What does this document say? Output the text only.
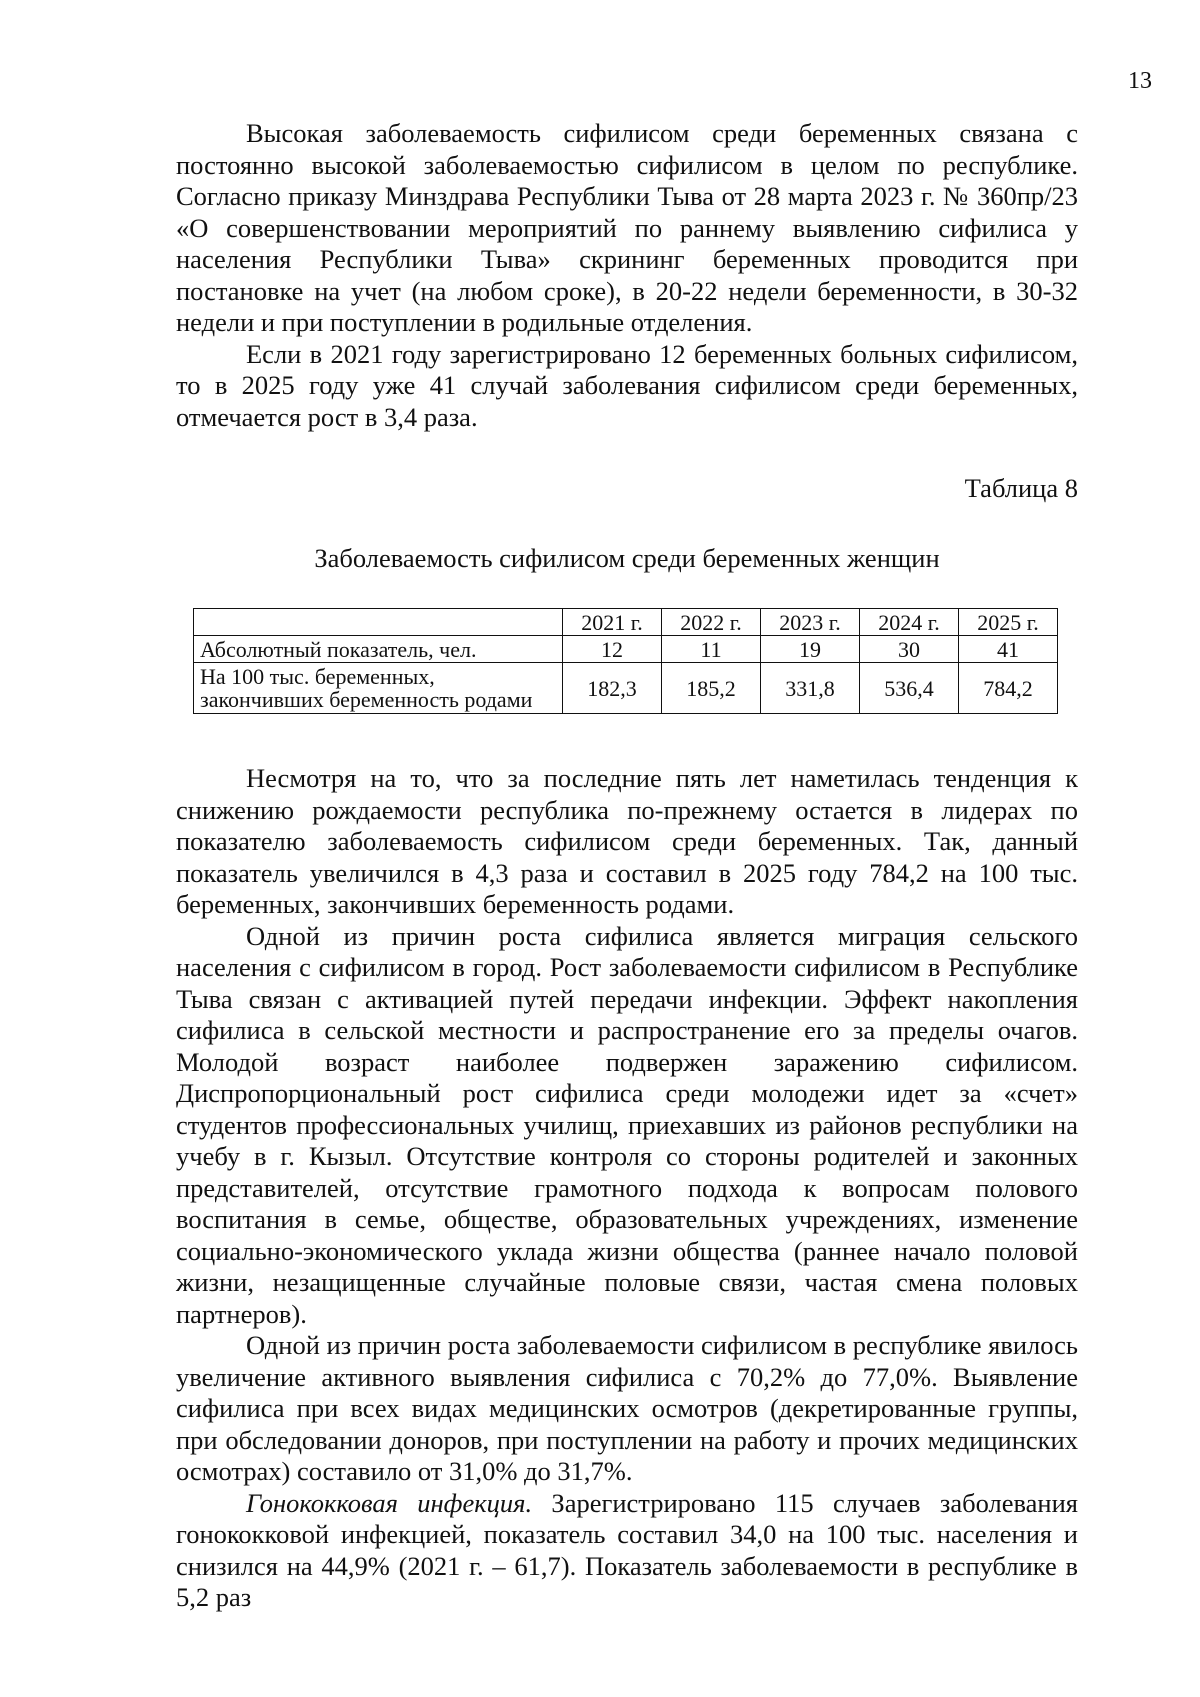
13

Высокая заболеваемость сифилисом среди беременных связана с постоянно высокой заболеваемостью сифилисом в целом по республике. Согласно приказу Минздрава Республики Тыва от 28 марта 2023 г. № 360пр/23 «О совершенствовании мероприятий по раннему выявлению сифилиса у населения Республики Тыва» скрининг беременных проводится при постановке на учет (на любом сроке), в 20-22 недели беременности, в 30-32 недели и при поступлении в родильные отделения.

Если в 2021 году зарегистрировано 12 беременных больных сифилисом, то в 2025 году уже 41 случай заболевания сифилисом среди беременных, отмечается рост в 3,4 раза.

Таблица 8
Заболеваемость сифилисом среди беременных женщин
	2021 г.	2022 г.	2023 г.	2024 г.	2025 г.
Абсолютный показатель, чел.	12	11	19	30	41
На 100 тыс. беременных, закончивших беременность родами	182,3	185,2	331,8	536,4	784,2

Несмотря на то, что за последние пять лет наметилась тенденция к снижению рождаемости республика по-прежнему остается в лидерах по показателю заболеваемость сифилисом среди беременных. Так, данный показатель увеличился в 4,3 раза и составил в 2025 году 784,2 на 100 тыс. беременных, закончивших беременность родами.

Одной из причин роста сифилиса является миграция сельского населения с сифилисом в город. Рост заболеваемости сифилисом в Республике Тыва связан с активацией путей передачи инфекции. Эффект накопления сифилиса в сельской местности и распространение его за пределы очагов. Молодой возраст наиболее подвержен заражению сифилисом. Диспропорциональный рост сифилиса среди молодежи идет за «счет» студентов профессиональных училищ, приехавших из районов республики на учебу в г. Кызыл. Отсутствие контроля со стороны родителей и законных представителей, отсутствие грамотного подхода к вопросам полового воспитания в семье, обществе, образовательных учреждениях, изменение социально-экономического уклада жизни общества (раннее начало половой жизни, незащищенные случайные половые связи, частая смена половых партнеров).

Одной из причин роста заболеваемости сифилисом в республике явилось увеличение активного выявления сифилиса с 70,2% до 77,0%. Выявление сифилиса при всех видах медицинских осмотров (декретированные группы, при обследовании доноров, при поступлении на работу и прочих медицинских осмотрах) составило от 31,0% до 31,7%.

Гонококковая инфекция. Зарегистрировано 115 случаев заболевания гонококковой инфекцией, показатель составил 34,0 на 100 тыс. населения и снизился на 44,9% (2021 г. – 61,7). Показатель заболеваемости в республике в 5,2 раз
